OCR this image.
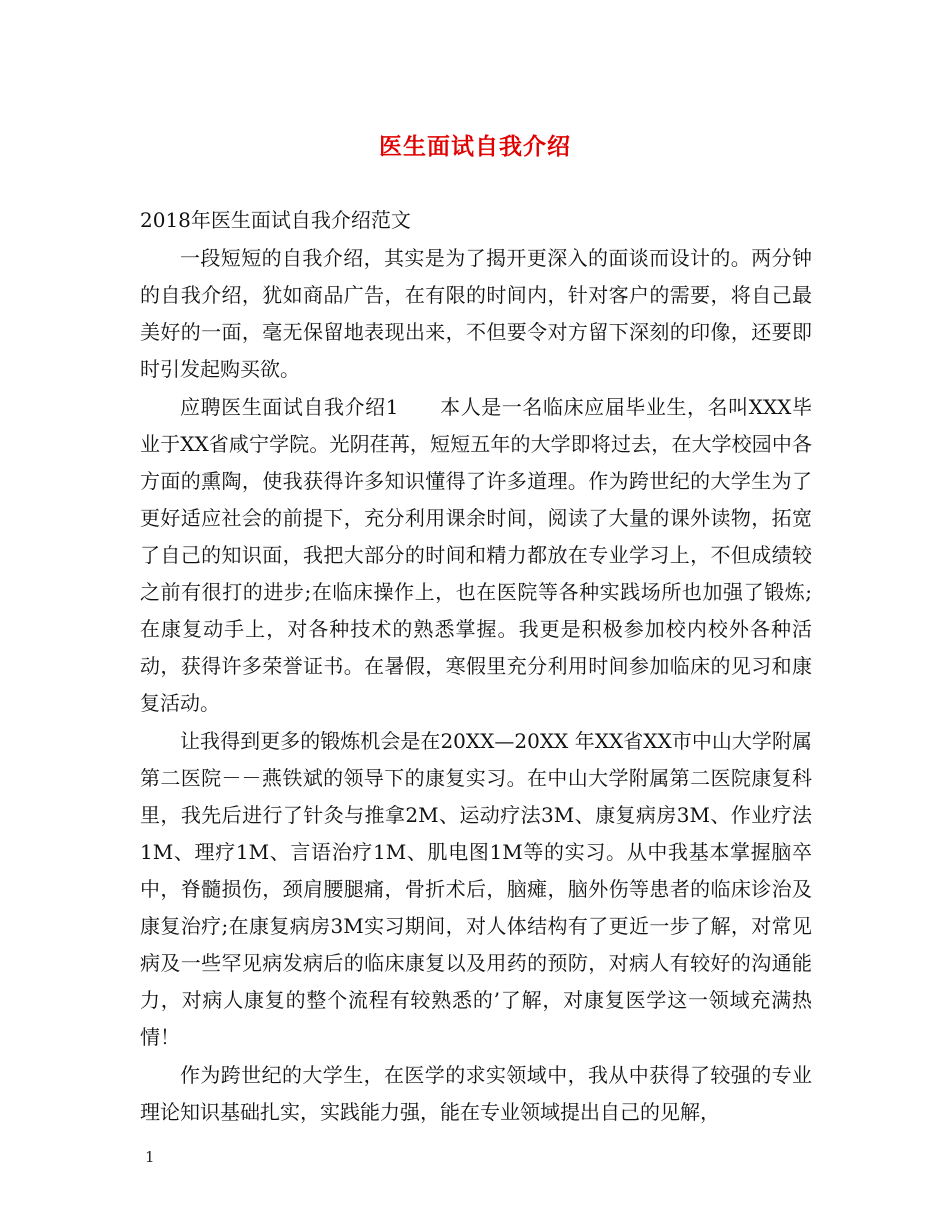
医生面试自我介绍

2018年医生面试自我介绍范文

一段短短的自我介绍，其实是为了揭开更深入的面谈而设计的。两分钟的自我介绍，犹如商品广告，在有限的时间内，针对客户的需要，将自己最美好的一面，毫无保留地表现出来，不但要令对方留下深刻的印像，还要即时引发起购买欲。

应聘医生面试自我介绍1　　本人是一名临床应届毕业生，名叫XXX毕业于XX省咸宁学院。光阴荏苒，短短五年的大学即将过去，在大学校园中各方面的熏陶，使我获得许多知识懂得了许多道理。作为跨世纪的大学生为了更好适应社会的前提下，充分利用课余时间，阅读了大量的课外读物，拓宽了自己的知识面，我把大部分的时间和精力都放在专业学习上，不但成绩较之前有很打的进步;在临床操作上，也在医院等各种实践场所也加强了锻炼;在康复动手上，对各种技术的熟悉掌握。我更是积极参加校内校外各种活动，获得许多荣誉证书。在暑假，寒假里充分利用时间参加临床的见习和康复活动。

让我得到更多的锻炼机会是在20XX—20XX 年XX省XX市中山大学附属第二医院－－燕铁斌的领导下的康复实习。在中山大学附属第二医院康复科里，我先后进行了针灸与推拿2M、运动疗法3M、康复病房3M、作业疗法1M、理疗1M、言语治疗1M、肌电图1M等的实习。从中我基本掌握脑卒中，脊髓损伤，颈肩腰腿痛，骨折术后，脑瘫，脑外伤等患者的临床诊治及康复治疗;在康复病房3M实习期间，对人体结构有了更近一步了解，对常见病及一些罕见病发病后的临床康复以及用药的预防，对病人有较好的沟通能力，对病人康复的整个流程有较熟悉的’了解，对康复医学这一领域充满热情！

作为跨世纪的大学生，在医学的求实领域中，我从中获得了较强的专业理论知识基础扎实，实践能力强，能在专业领域提出自己的见解，

1
